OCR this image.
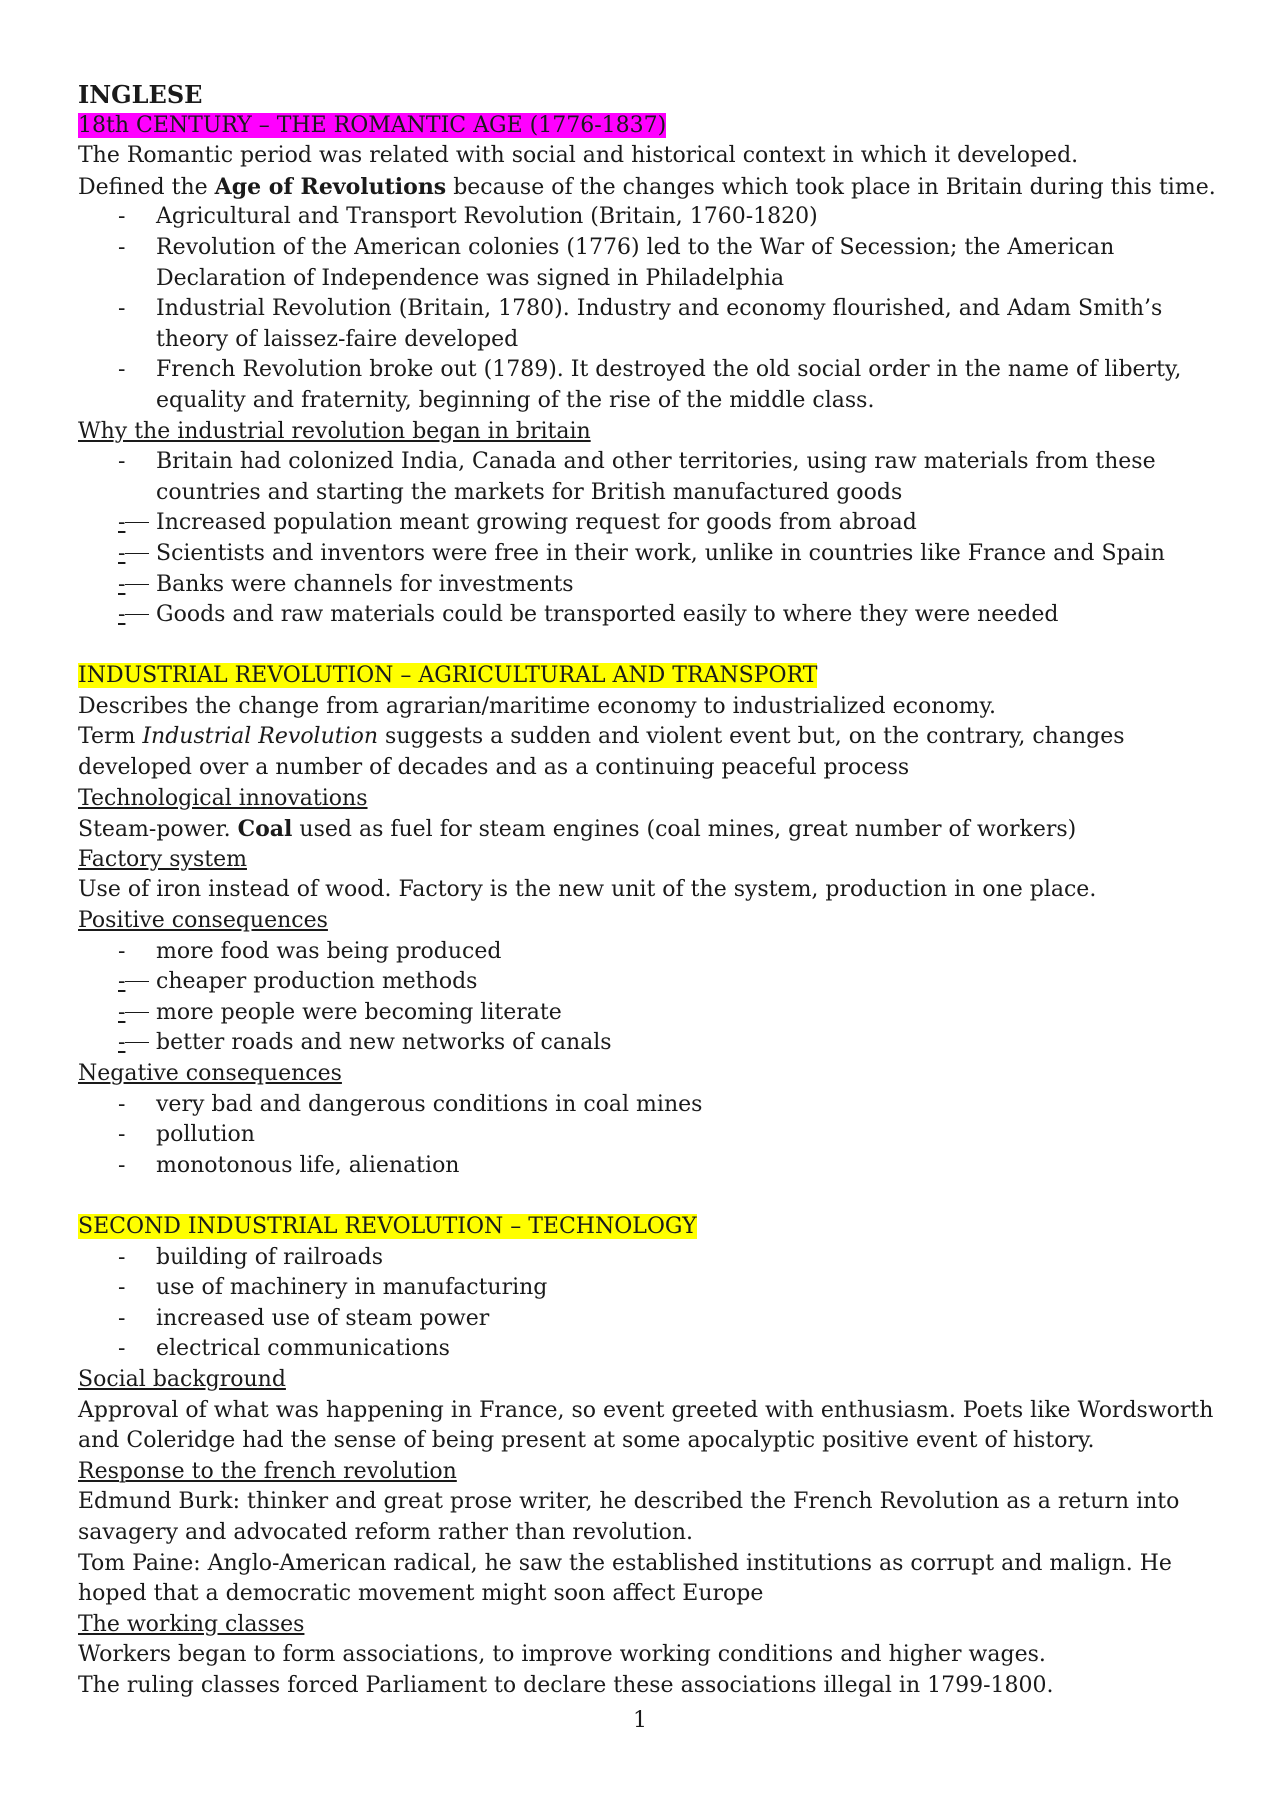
INGLESE
18th CENTURY – THE ROMANTIC AGE (1776-1837)
The Romantic period was related with social and historical context in which it developed.
Defined the Age of Revolutions because of the changes which took place in Britain during this time.
- Agricultural and Transport Revolution (Britain, 1760-1820)
- Revolution of the American colonies (1776) led to the War of Secession; the American
Declaration of Independence was signed in Philadelphia
- Industrial Revolution (Britain, 1780). Industry and economy flourished, and Adam Smith’s
theory of laissez-faire developed
- French Revolution broke out (1789). It destroyed the old social order in the name of liberty,
equality and fraternity, beginning of the rise of the middle class.
Why the industrial revolution began in britain
- Britain had colonized India, Canada and other territories, using raw materials from these
countries and starting the markets for British manufactured goods
-	Increased population meant growing request for goods from abroad
-	Scientists and inventors were free in their work, unlike in countries like France and Spain
-	Banks were channels for investments
-	Goods and raw materials could be transported easily to where they were needed
INDUSTRIAL REVOLUTION – AGRICULTURAL AND TRANSPORT
Describes the change from agrarian/maritime economy to industrialized economy.
Term Industrial Revolution suggests a sudden and violent event but, on the contrary, changes
developed over a number of decades and as a continuing peaceful process
Technological innovations
Steam-power. Coal used as fuel for steam engines (coal mines, great number of workers)
Factory system
Use of iron instead of wood. Factory is the new unit of the system, production in one place.
Positive consequences
- more food was being produced
-	cheaper production methods
-	more people were becoming literate
-	better roads and new networks of canals
Negative consequences
- very bad and dangerous conditions in coal mines
- pollution
- monotonous life, alienation
SECOND INDUSTRIAL REVOLUTION – TECHNOLOGY
- building of railroads
- use of machinery in manufacturing
- increased use of steam power
- electrical communications
Social background
Approval of what was happening in France, so event greeted with enthusiasm. Poets like Wordsworth
and Coleridge had the sense of being present at some apocalyptic positive event of history.
Response to the french revolution
Edmund Burk: thinker and great prose writer, he described the French Revolution as a return into
savagery and advocated reform rather than revolution.
Tom Paine: Anglo-American radical, he saw the established institutions as corrupt and malign. He
hoped that a democratic movement might soon affect Europe
The working classes
Workers began to form associations, to improve working conditions and higher wages.
The ruling classes forced Parliament to declare these associations illegal in 1799-1800.
1
